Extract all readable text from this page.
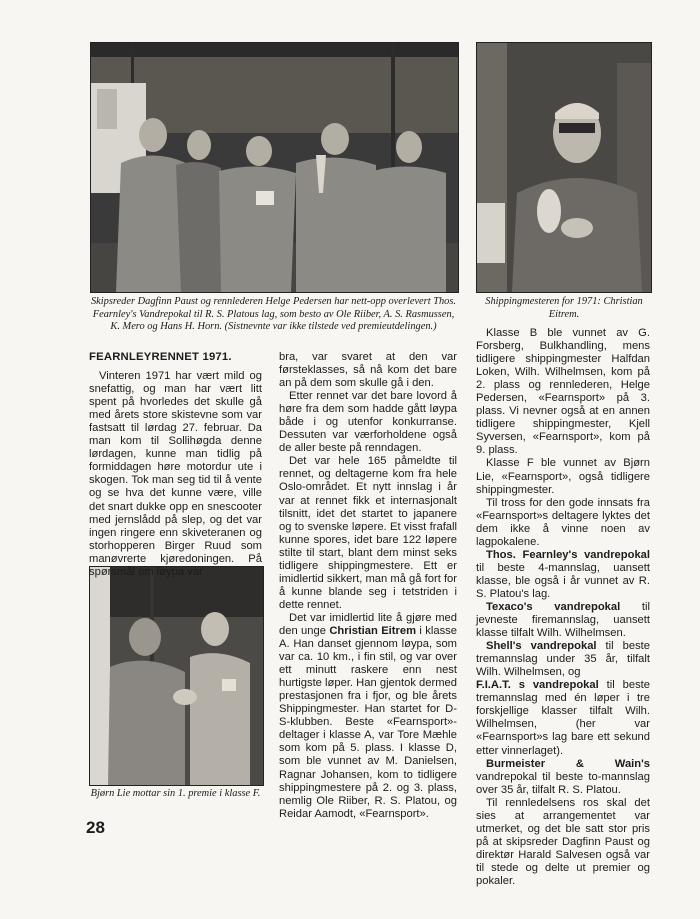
Skipsreder Dagfinn Paust og rennlederen Helge Pedersen har nett-opp overlevert Thos. Fearnley's Vandrepokal til R. S. Platous lag, som besto av Ole Riiber, A. S. Rasmussen, K. Mero og Hans H. Horn. (Sistnevnte var ikke tilstede ved premieutdelingen.)
Shippingmesteren for 1971: Christian Eitrem.
Bjørn Lie mottar sin 1. premie i klasse F.
FEARNLEYRENNET 1971.

Vinteren 1971 har vært mild og snefattig, og man har vært litt spent på hvorledes det skulle gå med årets store skistevne som var fastsatt til lørdag 27. februar. Da man kom til Sollihøgda denne lørdagen, kunne man tidlig på formiddagen høre motordur ute i skogen. Tok man seg tid til å vente og se hva det kunne være, ville det snart dukke opp en snescooter med jernslådd på slep, og det var ingen ringere enn skiveteranen og storhopperen Birger Ruud som manøvrerte kjøredoningen. På spørsmål om løypa var

bra, var svaret at den var førsteklasses, så nå kom det bare an på dem som skulle gå i den.

Etter rennet var det bare lovord å høre fra dem som hadde gått løypa både i og utenfor konkurranse. Dessuten var værforholdene også de aller beste på renndagen.

Det var hele 165 påmeldte til rennet, og deltagerne kom fra hele Oslo-området. Et nytt innslag i år var at rennet fikk et internasjonalt tilsnitt, idet det startet to japanere og to svenske løpere. Et visst frafall kunne spores, idet bare 122 løpere stilte til start, blant dem minst seks tidligere shippingmestere. Ett er imidlertid sikkert, man må gå fort for å kunne blande seg i tetstriden i dette rennet.

Det var imidlertid lite å gjøre med den unge Christian Eitrem i klasse A. Han danset gjennom løypa, som var ca. 10 km., i fin stil, og var over ett minutt raskere enn nest hurtigste løper. Han gjentok dermed prestasjonen fra i fjor, og ble årets Shippingmester. Han startet for D-S-klubben. Beste «Fearnsport»-deltager i klasse A, var Tore Mæhle som kom på 5. plass. I klasse D, som ble vunnet av M. Danielsen, Ragnar Johansen, kom to tidligere shippingmestere på 2. og 3. plass, nemlig Ole Riiber, R. S. Platou, og Reidar Aamodt, «Fearnsport».

Klasse B ble vunnet av G. Forsberg, Bulkhandling, mens tidligere shippingmester Halfdan Loken, Wilh. Wilhelmsen, kom på 2. plass og rennlederen, Helge Pedersen, «Fearnsport» på 3. plass. Vi nevner også at en annen tidligere shippingmester, Kjell Syversen, «Fearnsport», kom på 9. plass.

Klasse F ble vunnet av Bjørn Lie, «Fearnsport», også tidligere shippingmester.

Til tross for den gode innsats fra «Fearnsport»s deltagere lyktes det dem ikke å vinne noen av lagpokalene.

Thos. Fearnley's vandrepokal til beste 4-mannslag, uansett klasse, ble også i år vunnet av R. S. Platou's lag.

Texaco's vandrepokal til jevneste firemannslag, uansett klasse tilfalt Wilh. Wilhelmsen.

Shell's vandrepokal til beste tremannslag under 35 år, tilfalt Wilh. Wilhelmsen, og

F.I.A.T. s vandrepokal til beste tremannslag med én løper i tre forskjellige klasser tilfalt Wilh. Wilhelmsen, (her var «Fearnsport»s lag bare ett sekund etter vinnerlaget).

Burmeister & Wain's vandrepokal til beste to-mannslag over 35 år, tilfalt R. S. Platou.

Til rennledelsens ros skal det sies at arrangementet var utmerket, og det ble satt stor pris på at skipsreder Dagfinn Paust og direktør Harald Salvesen også var til stede og delte ut premier og pokaler.

28
